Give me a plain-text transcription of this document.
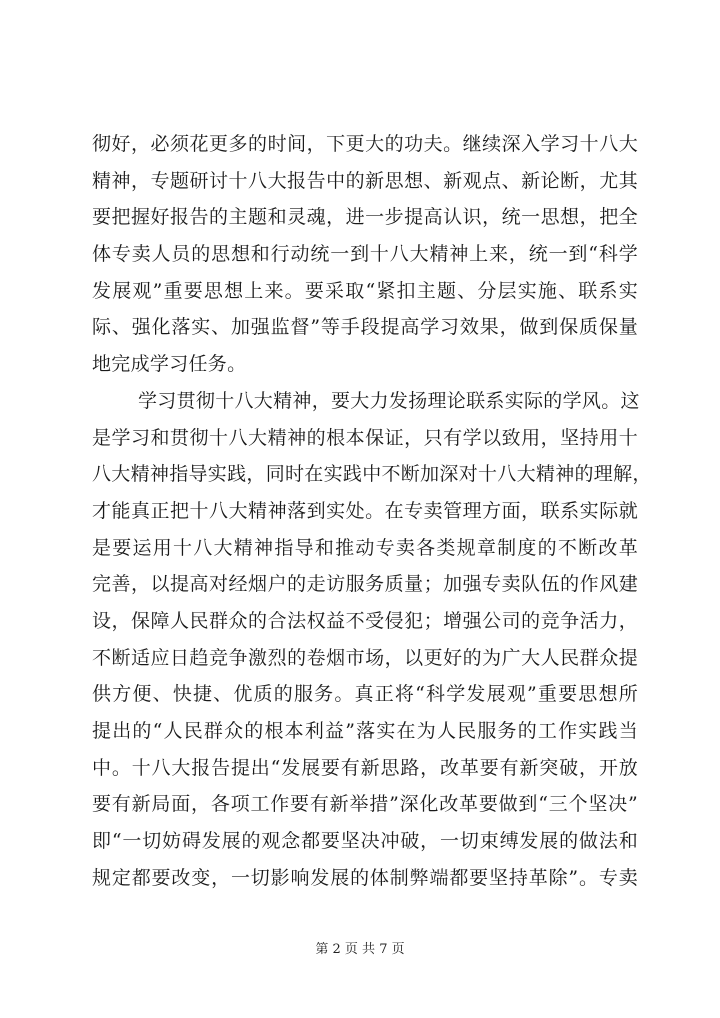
彻好，必须花更多的时间，下更大的功夫。继续深入学习十八大
精神，专题研讨十八大报告中的新思想、新观点、新论断，尤其
要把握好报告的主题和灵魂，进一步提高认识，统一思想，把全
体专卖人员的思想和行动统一到十八大精神上来，统一到“科学
发展观”重要思想上来。要采取“紧扣主题、分层实施、联系实
际、强化落实、加强监督”等手段提高学习效果，做到保质保量
地完成学习任务。
学习贯彻十八大精神，要大力发扬理论联系实际的学风。这
是学习和贯彻十八大精神的根本保证，只有学以致用，坚持用十
八大精神指导实践，同时在实践中不断加深对十八大精神的理解，
才能真正把十八大精神落到实处。在专卖管理方面，联系实际就
是要运用十八大精神指导和推动专卖各类规章制度的不断改革
完善，以提高对经烟户的走访服务质量；加强专卖队伍的作风建
设，保障人民群众的合法权益不受侵犯；增强公司的竞争活力，
不断适应日趋竞争激烈的卷烟市场，以更好的为广大人民群众提
供方便、快捷、优质的服务。真正将“科学发展观”重要思想所
提出的“人民群众的根本利益”落实在为人民服务的工作实践当
中。十八大报告提出“发展要有新思路，改革要有新突破，开放
要有新局面，各项工作要有新举措”深化改革要做到“三个坚决”
即“一切妨碍发展的观念都要坚决冲破，一切束缚发展的做法和
规定都要改变，一切影响发展的体制弊端都要坚持革除”。专卖
第 2 页 共 7 页
